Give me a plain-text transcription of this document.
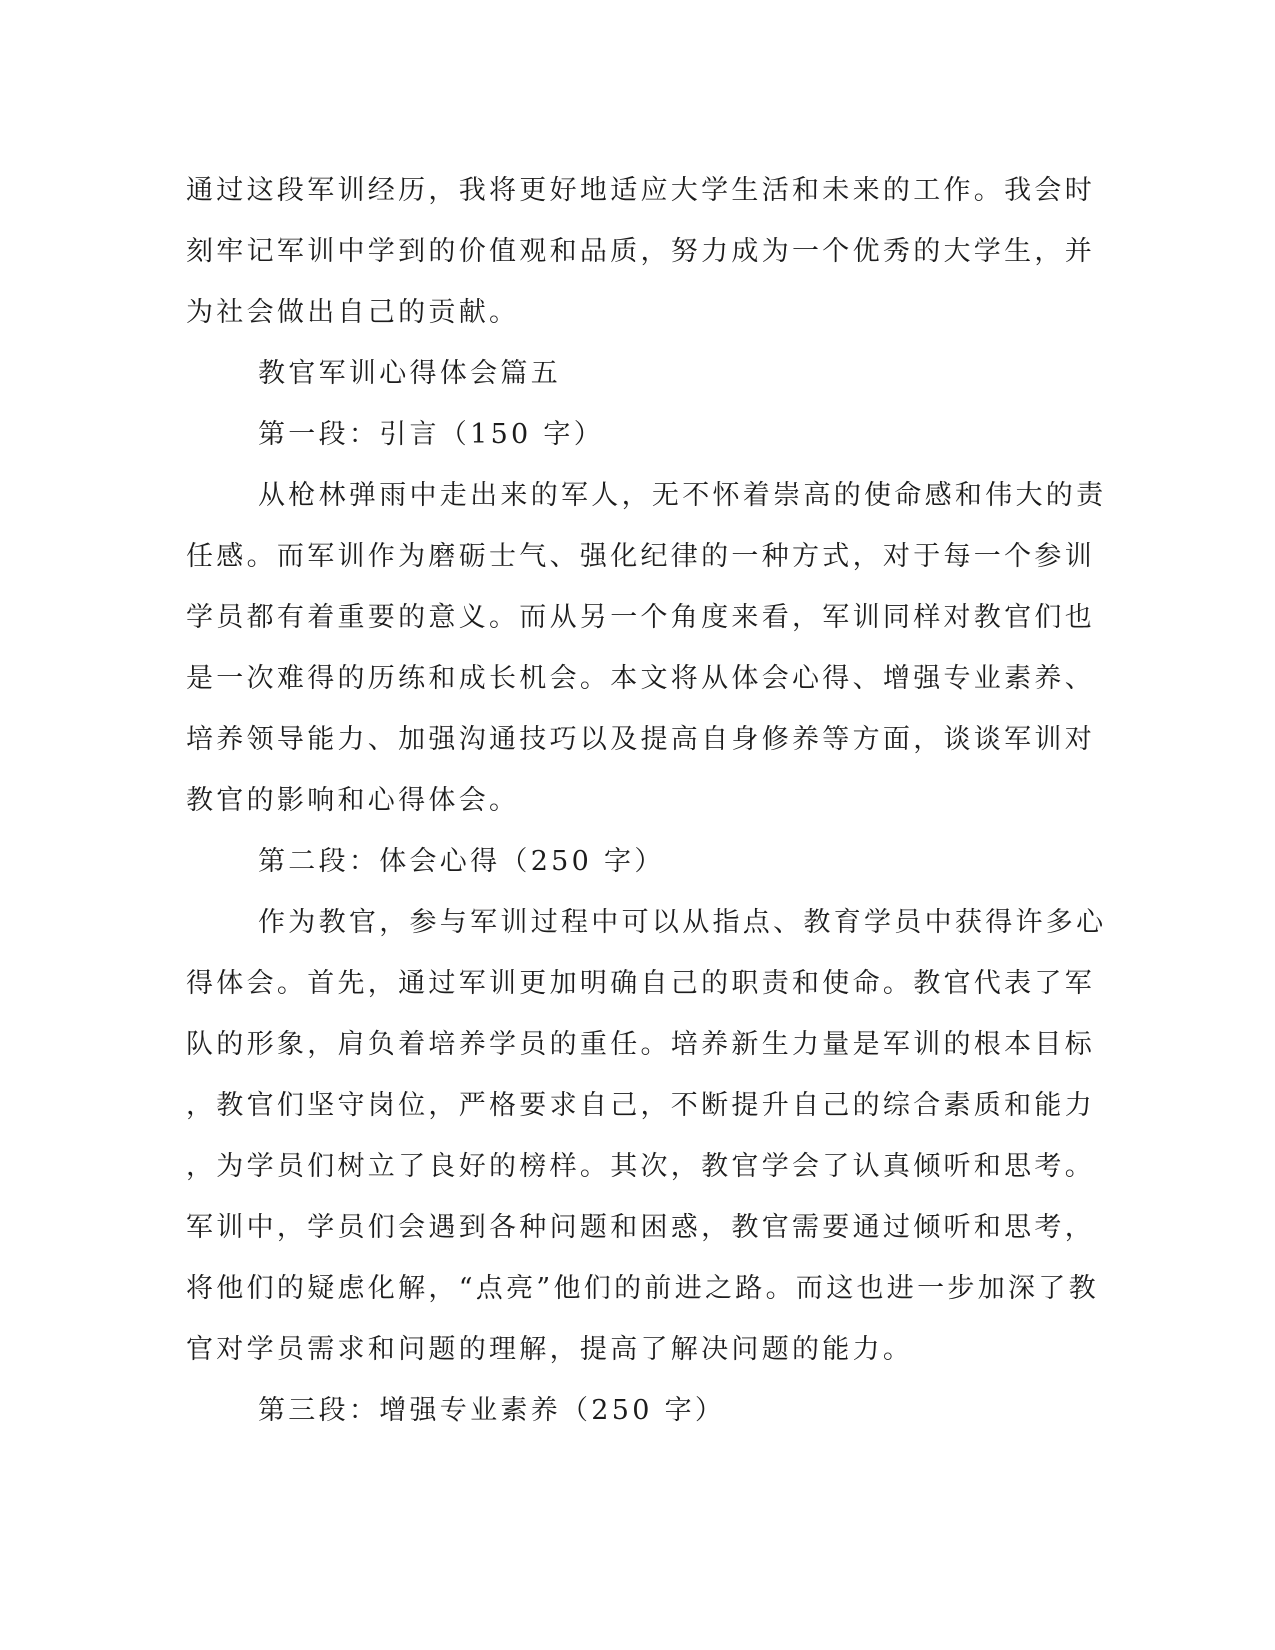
通过这段军训经历，我将更好地适应大学生活和未来的工作。我会时
刻牢记军训中学到的价值观和品质，努力成为一个优秀的大学生，并
为社会做出自己的贡献。
教官军训心得体会篇五
第一段：引言（150 字）
从枪林弹雨中走出来的军人，无不怀着崇高的使命感和伟大的责
任感。而军训作为磨砺士气、强化纪律的一种方式，对于每一个参训
学员都有着重要的意义。而从另一个角度来看，军训同样对教官们也
是一次难得的历练和成长机会。本文将从体会心得、增强专业素养、
培养领导能力、加强沟通技巧以及提高自身修养等方面，谈谈军训对
教官的影响和心得体会。
第二段：体会心得（250 字）
作为教官，参与军训过程中可以从指点、教育学员中获得许多心
得体会。首先，通过军训更加明确自己的职责和使命。教官代表了军
队的形象，肩负着培养学员的重任。培养新生力量是军训的根本目标
，教官们坚守岗位，严格要求自己，不断提升自己的综合素质和能力
，为学员们树立了良好的榜样。其次，教官学会了认真倾听和思考。
军训中，学员们会遇到各种问题和困惑，教官需要通过倾听和思考，
将他们的疑虑化解，“点亮”他们的前进之路。而这也进一步加深了教
官对学员需求和问题的理解，提高了解决问题的能力。
第三段：增强专业素养（250 字）
